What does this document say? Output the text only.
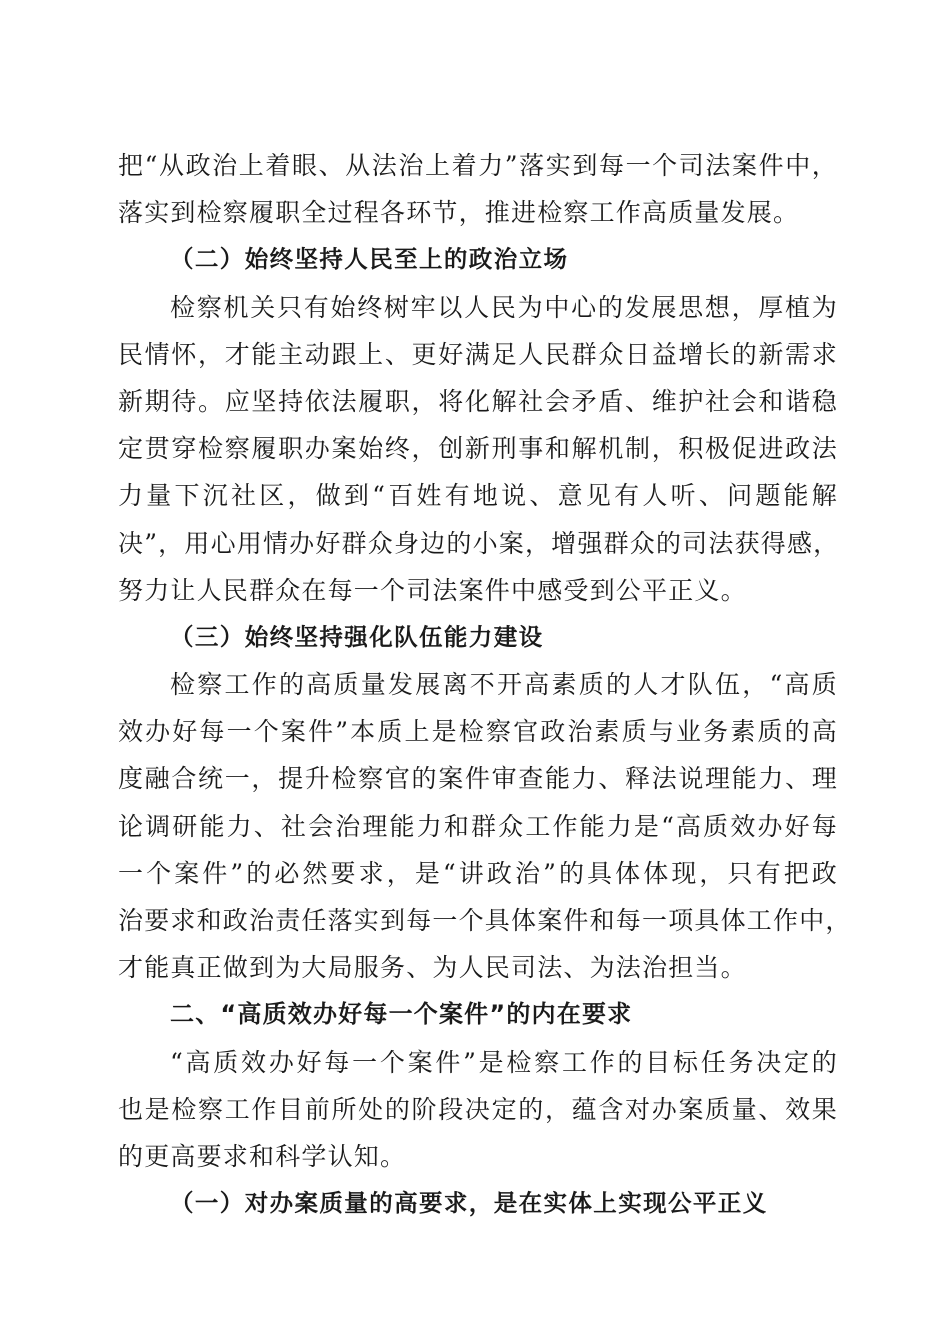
把“从政治上着眼、从法治上着力”落实到每一个司法案件中，
落实到检察履职全过程各环节，推进检察工作高质量发展。
（二）始终坚持人民至上的政治立场
检察机关只有始终树牢以人民为中心的发展思想，厚植为
民情怀，才能主动跟上、更好满足人民群众日益增长的新需求
新期待。应坚持依法履职，将化解社会矛盾、维护社会和谐稳
定贯穿检察履职办案始终，创新刑事和解机制，积极促进政法
力量下沉社区，做到“百姓有地说、意见有人听、问题能解
决”，用心用情办好群众身边的小案，增强群众的司法获得感，
努力让人民群众在每一个司法案件中感受到公平正义。
（三）始终坚持强化队伍能力建设
检察工作的高质量发展离不开高素质的人才队伍，“高质
效办好每一个案件”本质上是检察官政治素质与业务素质的高
度融合统一，提升检察官的案件审查能力、释法说理能力、理
论调研能力、社会治理能力和群众工作能力是“高质效办好每
一个案件”的必然要求，是“讲政治”的具体体现，只有把政
治要求和政治责任落实到每一个具体案件和每一项具体工作中，
才能真正做到为大局服务、为人民司法、为法治担当。
二、“高质效办好每一个案件”的内在要求
“高质效办好每一个案件”是检察工作的目标任务决定的
也是检察工作目前所处的阶段决定的，蕴含对办案质量、效果
的更高要求和科学认知。
（一）对办案质量的高要求，是在实体上实现公平正义
